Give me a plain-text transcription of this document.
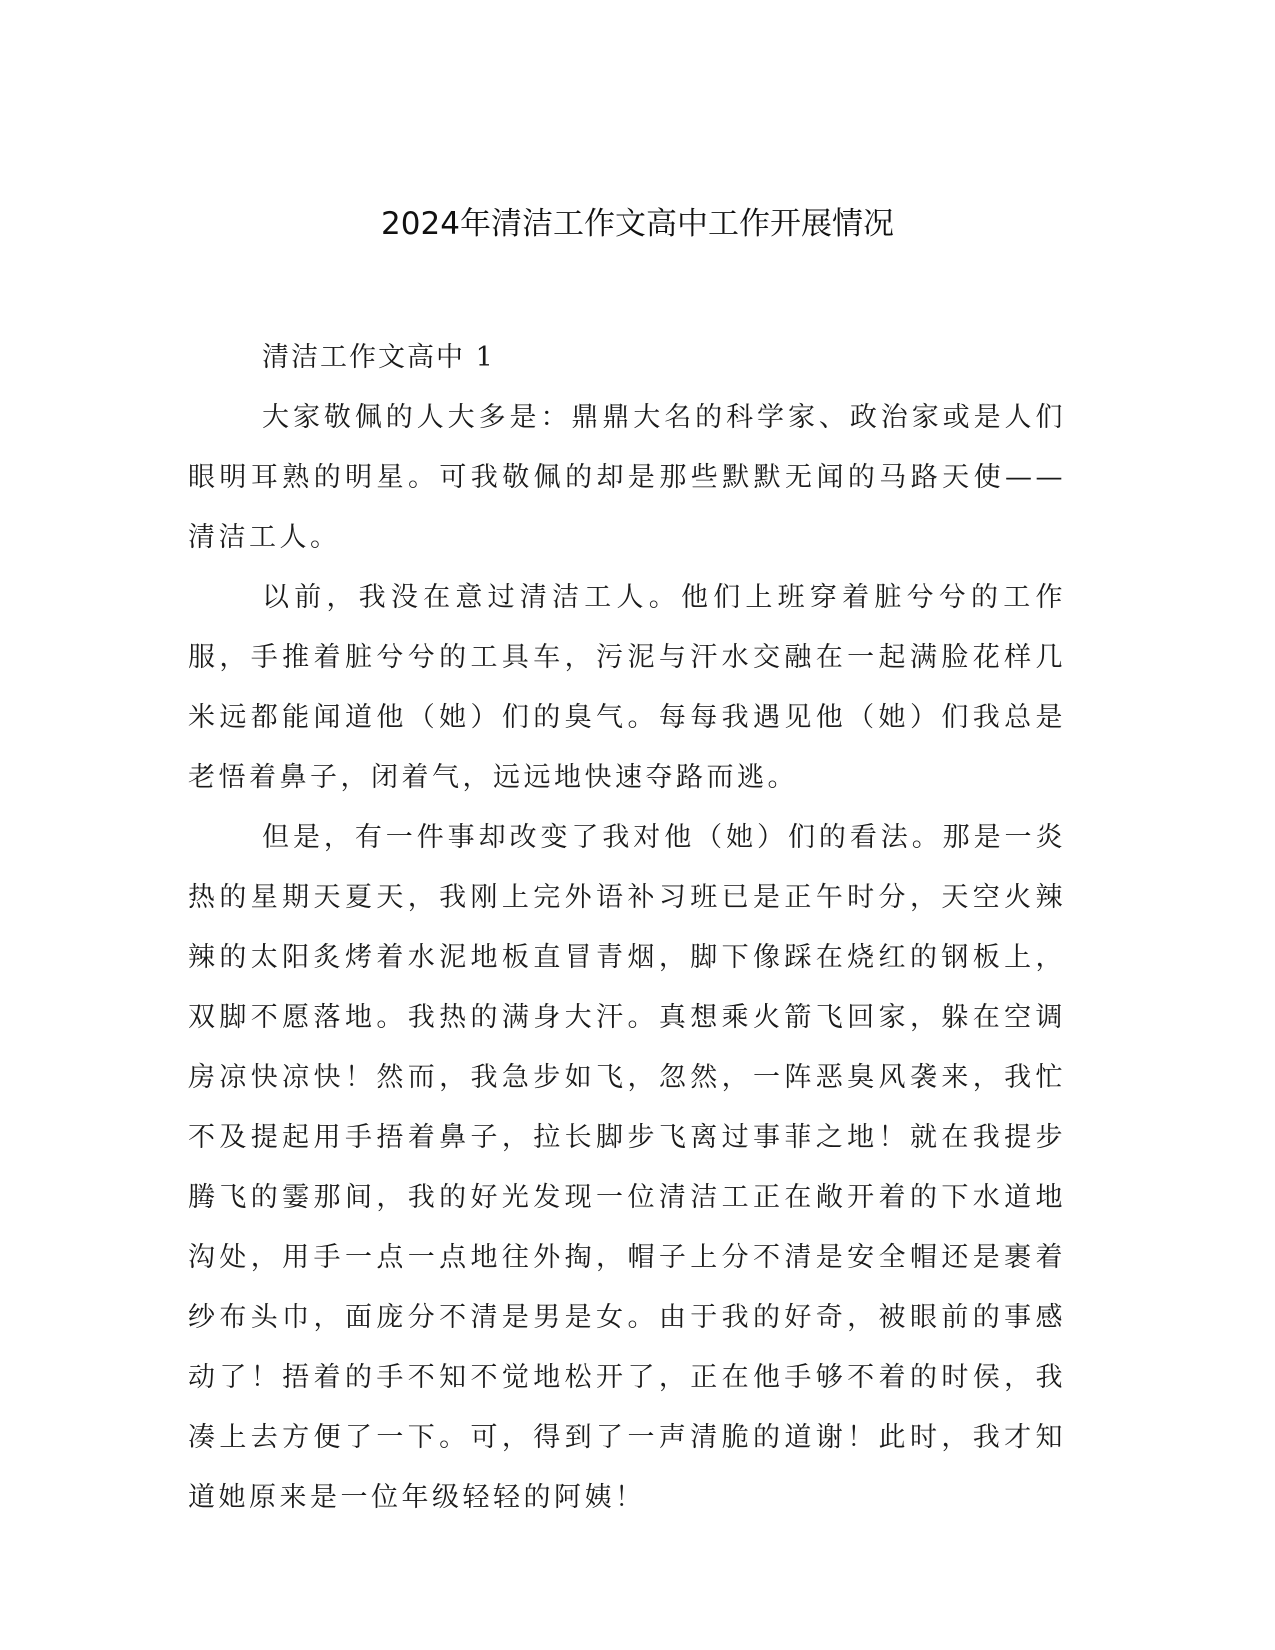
2024年清洁工作文高中工作开展情况

清洁工作文高中 1

大家敬佩的人大多是：鼎鼎大名的科学家、政治家或是人们眼明耳熟的明星。可我敬佩的却是那些默默无闻的马路天使——清洁工人。

以前，我没在意过清洁工人。他们上班穿着脏兮兮的工作服，手推着脏兮兮的工具车，污泥与汗水交融在一起满脸花样几米远都能闻道他（她）们的臭气。每每我遇见他（她）们我总是老悟着鼻子，闭着气，远远地快速夺路而逃。

但是，有一件事却改变了我对他（她）们的看法。那是一炎热的星期天夏天，我刚上完外语补习班已是正午时分，天空火辣辣的太阳炙烤着水泥地板直冒青烟，脚下像踩在烧红的钢板上，双脚不愿落地。我热的满身大汗。真想乘火箭飞回家，躲在空调房凉快凉快！然而，我急步如飞，忽然，一阵恶臭风袭来，我忙不及提起用手捂着鼻子，拉长脚步飞离过事菲之地！就在我提步腾飞的霎那间，我的好光发现一位清洁工正在敞开着的下水道地沟处，用手一点一点地往外掏，帽子上分不清是安全帽还是裹着纱布头巾，面庞分不清是男是女。由于我的好奇，被眼前的事感动了！捂着的手不知不觉地松开了，正在他手够不着的时侯，我凑上去方便了一下。可，得到了一声清脆的道谢！此时，我才知道她原来是一位年级轻轻的阿姨！
